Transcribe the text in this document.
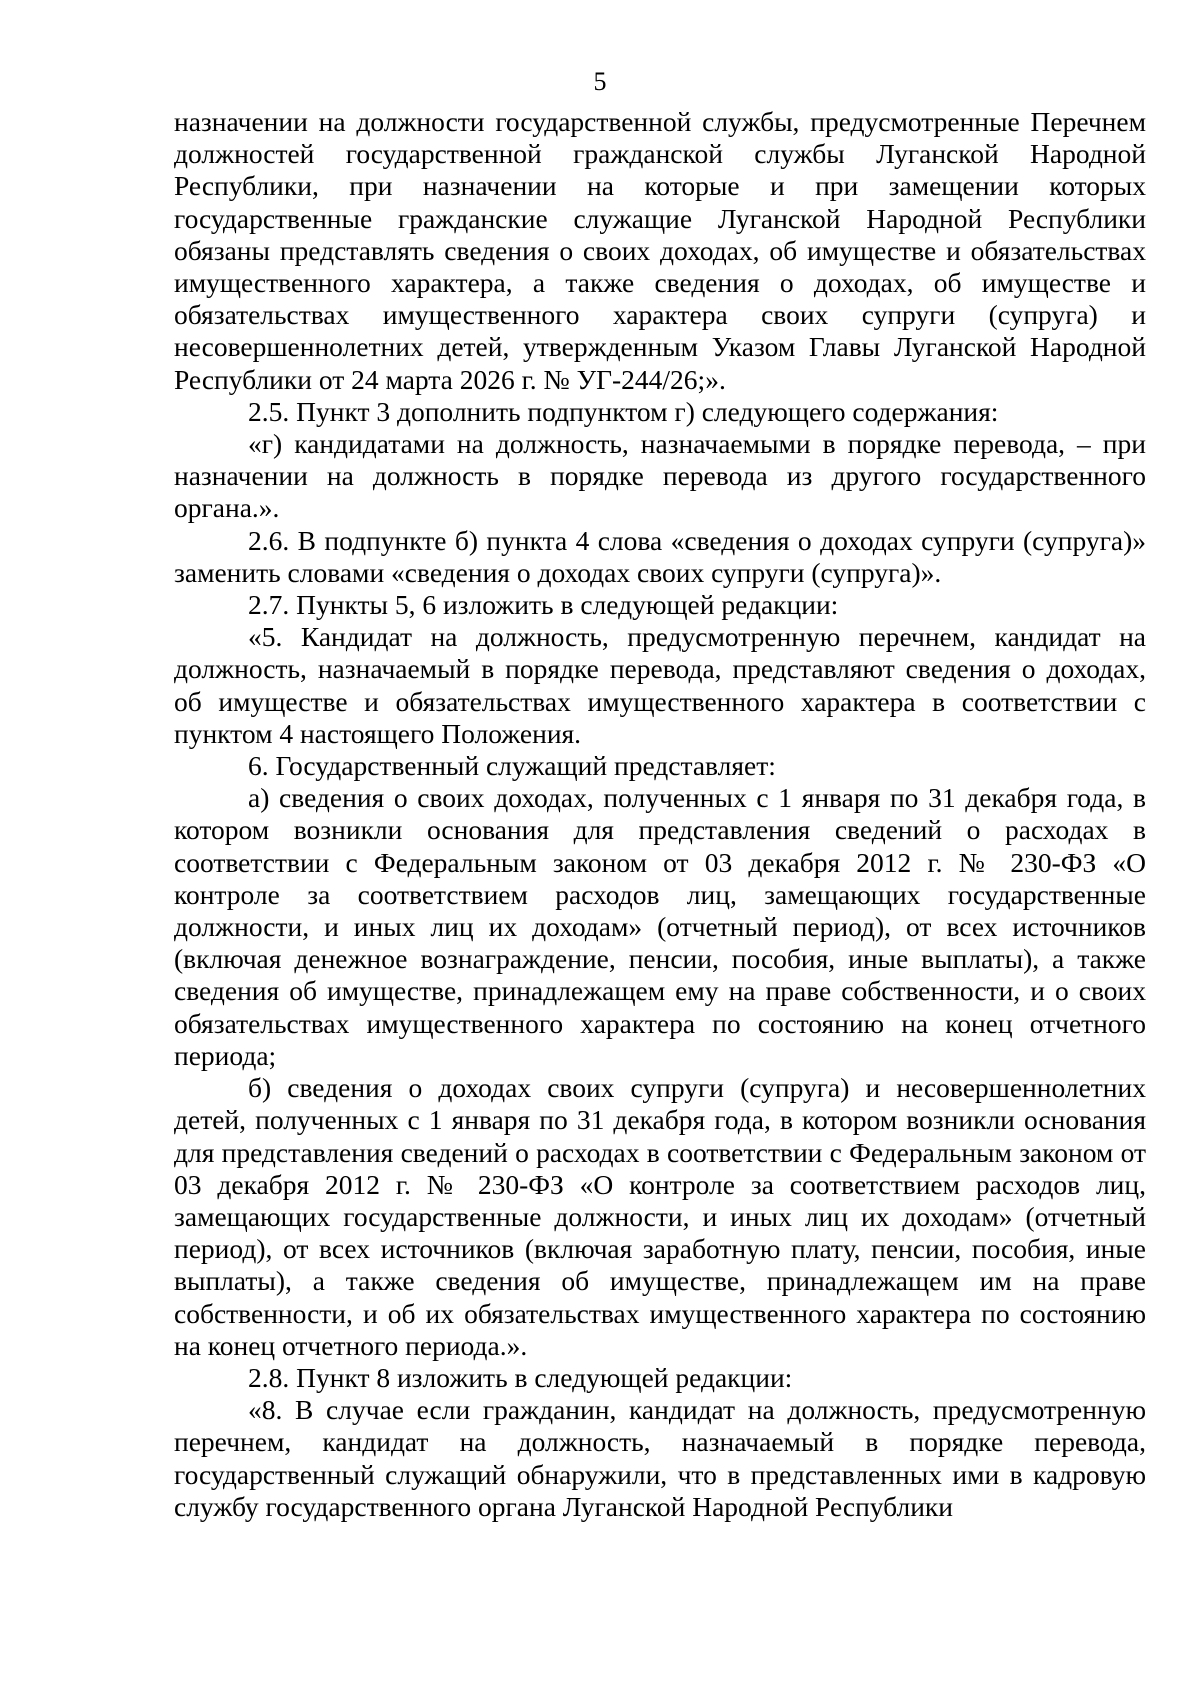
5

назначении на должности государственной службы, предусмотренные Перечнем должностей государственной гражданской службы Луганской Народной Республики, при назначении на которые и при замещении которых государственные гражданские служащие Луганской Народной Республики обязаны представлять сведения о своих доходах, об имуществе и обязательствах имущественного характера, а также сведения о доходах, об имуществе и обязательствах имущественного характера своих супруги (супруга) и несовершеннолетних детей, утвержденным Указом Главы Луганской Народной Республики от 24 марта 2026 г. № УГ-244/26;».

2.5. Пункт 3 дополнить подпунктом г) следующего содержания:

«г) кандидатами на должность, назначаемыми в порядке перевода, – при назначении на должность в порядке перевода из другого государственного органа.».

2.6. В подпункте б) пункта 4 слова «сведения о доходах супруги (супруга)» заменить словами «сведения о доходах своих супруги (супруга)».

2.7. Пункты 5, 6 изложить в следующей редакции:

«5. Кандидат на должность, предусмотренную перечнем, кандидат на должность, назначаемый в порядке перевода, представляют сведения о доходах, об имуществе и обязательствах имущественного характера в соответствии с пунктом 4 настоящего Положения.

6. Государственный служащий представляет:

а) сведения о своих доходах, полученных с 1 января по 31 декабря года, в котором возникли основания для представления сведений о расходах в соответствии с Федеральным законом от 03 декабря 2012 г. № 230-ФЗ «О контроле за соответствием расходов лиц, замещающих государственные должности, и иных лиц их доходам» (отчетный период), от всех источников (включая денежное вознаграждение, пенсии, пособия, иные выплаты), а также сведения об имуществе, принадлежащем ему на праве собственности, и о своих обязательствах имущественного характера по состоянию на конец отчетного периода;

б) сведения о доходах своих супруги (супруга) и несовершеннолетних детей, полученных с 1 января по 31 декабря года, в котором возникли основания для представления сведений о расходах в соответствии с Федеральным законом от 03 декабря 2012 г. № 230-ФЗ «О контроле за соответствием расходов лиц, замещающих государственные должности, и иных лиц их доходам» (отчетный период), от всех источников (включая заработную плату, пенсии, пособия, иные выплаты), а также сведения об имуществе, принадлежащем им на праве собственности, и об их обязательствах имущественного характера по состоянию на конец отчетного периода.».

2.8. Пункт 8 изложить в следующей редакции:

«8. В случае если гражданин, кандидат на должность, предусмотренную перечнем, кандидат на должность, назначаемый в порядке перевода, государственный служащий обнаружили, что в представленных ими в кадровую службу государственного органа Луганской Народной Республики
